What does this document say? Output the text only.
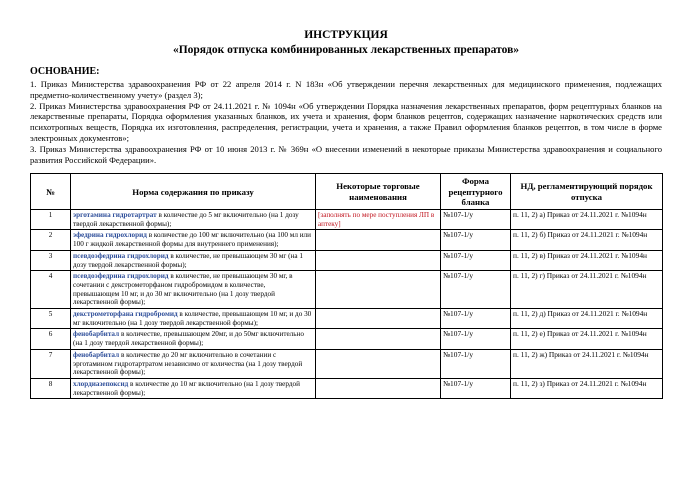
ИНСТРУКЦИЯ
«Порядок отпуска комбинированных лекарственных препаратов»
ОСНОВАНИЕ:

1. Приказ Министерства здравоохранения РФ от 22 апреля 2014 г. N 183н «Об утверждении перечня лекарственных для медицинского применения, подлежащих предметно-количественному учету» (раздел 3);

2. Приказ Министерства здравоохранения РФ от 24.11.2021 г. № 1094н «Об утверждении Порядка назначения лекарственных препаратов, форм рецептурных бланков на лекарственные препараты, Порядка оформления указанных бланков, их учета и хранения, форм бланков рецептов, содержащих назначение наркотических средств или психотропных веществ, Порядка их изготовления, распределения, регистрации, учета и хранения, а также Правил оформления бланков рецептов, в том числе в форме электронных документов»;

3. Приказ Министерства здравоохранения РФ от 10 июня 2013 г. № 369н «О внесении изменений в некоторые приказы Министерства здравоохранения и социального развития Российской Федерации».

№	Норма содержания по приказу	Некоторые торговые наименования	Форма рецептурного бланка	НД, регламентирующий порядок отпуска
1	эрготамина гидротартрат в количестве до 5 мг включительно (на 1 дозу твердой лекарственной формы);	[заполнять по мере поступления ЛП в аптеку]	№107-1/у	п. 11, 2) а) Приказ от 24.11.2021 г. №1094н
2	эфедрина гидрохлорид в количестве до 100 мг включительно (на 100 мл или 100 г жидкой лекарственной формы для внутреннего применения);		№107-1/у	п. 11, 2) б) Приказ от 24.11.2021 г. №1094н
3	псевдоэфедрина гидрохлорид в количестве, не превышающем 30 мг (на 1 дозу твердой лекарственной формы);		№107-1/у	п. 11, 2) в) Приказ от 24.11.2021 г. №1094н
4	псевдоэфедрина гидрохлорид в количестве, не превышающем 30 мг, в сочетании с декстрометорфаном гидробромидом в количестве, превышающем 10 мг, и до 30 мг включительно (на 1 дозу твердой лекарственной формы);		№107-1/у	п. 11, 2) г) Приказ от 24.11.2021 г. №1094н
5	декстрометорфана гидробромид в количестве, превышающем 10 мг, и до 30 мг включительно (на 1 дозу твердой лекарственной формы);		№107-1/у	п. 11, 2) д) Приказ от 24.11.2021 г. №1094н
6	фенобарбитал в количестве, превышающем 20мг, и до 50мг включительно (на 1 дозу твердой лекарственной формы);		№107-1/у	п. 11, 2) е) Приказ от 24.11.2021 г. №1094н
7	фенобарбитал в количестве до 20 мг включительно в сочетании с эрготамином гидротартратом независимо от количества (на 1 дозу твердой лекарственной формы);		№107-1/у	п. 11, 2) ж) Приказ от 24.11.2021 г. №1094н
8	хлордиазепоксид в количестве до 10 мг включительно (на 1 дозу твердой лекарственной формы);		№107-1/у	п. 11, 2) з) Приказ от 24.11.2021 г. №1094н
